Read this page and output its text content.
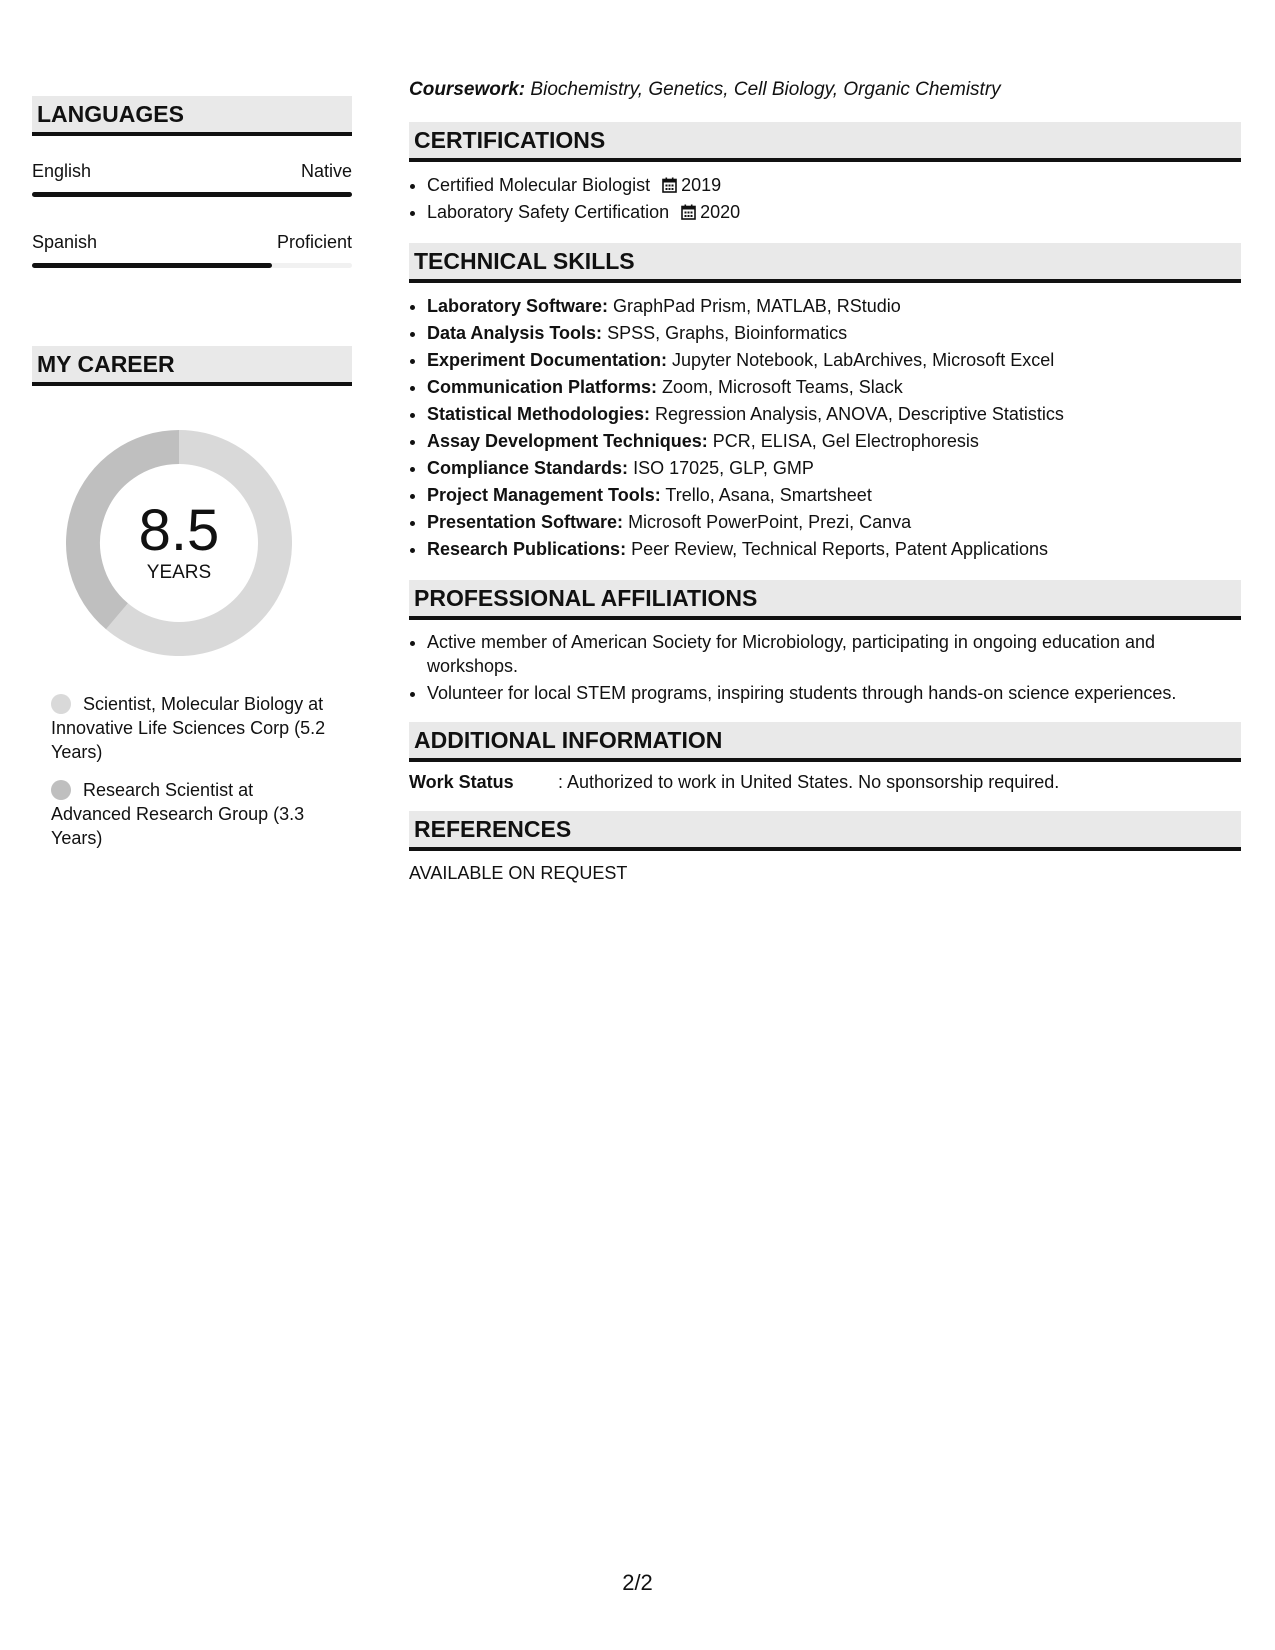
LANGUAGES
English	Native
Spanish	Proficient
MY CAREER
8.5
YEARS
Scientist, Molecular Biology at Innovative Life Sciences Corp (5.2 Years)
Research Scientist at Advanced Research Group (3.3 Years)
Coursework: Biochemistry, Genetics, Cell Biology, Organic Chemistry
CERTIFICATIONS
• Certified Molecular Biologist 2019
• Laboratory Safety Certification 2020
TECHNICAL SKILLS
• Laboratory Software: GraphPad Prism, MATLAB, RStudio
• Data Analysis Tools: SPSS, Graphs, Bioinformatics
• Experiment Documentation: Jupyter Notebook, LabArchives, Microsoft Excel
• Communication Platforms: Zoom, Microsoft Teams, Slack
• Statistical Methodologies: Regression Analysis, ANOVA, Descriptive Statistics
• Assay Development Techniques: PCR, ELISA, Gel Electrophoresis
• Compliance Standards: ISO 17025, GLP, GMP
• Project Management Tools: Trello, Asana, Smartsheet
• Presentation Software: Microsoft PowerPoint, Prezi, Canva
• Research Publications: Peer Review, Technical Reports, Patent Applications
PROFESSIONAL AFFILIATIONS
• Active member of American Society for Microbiology, participating in ongoing education and workshops.
• Volunteer for local STEM programs, inspiring students through hands-on science experiences.
ADDITIONAL INFORMATION
Work Status	: Authorized to work in United States. No sponsorship required.
REFERENCES
AVAILABLE ON REQUEST
2/2
